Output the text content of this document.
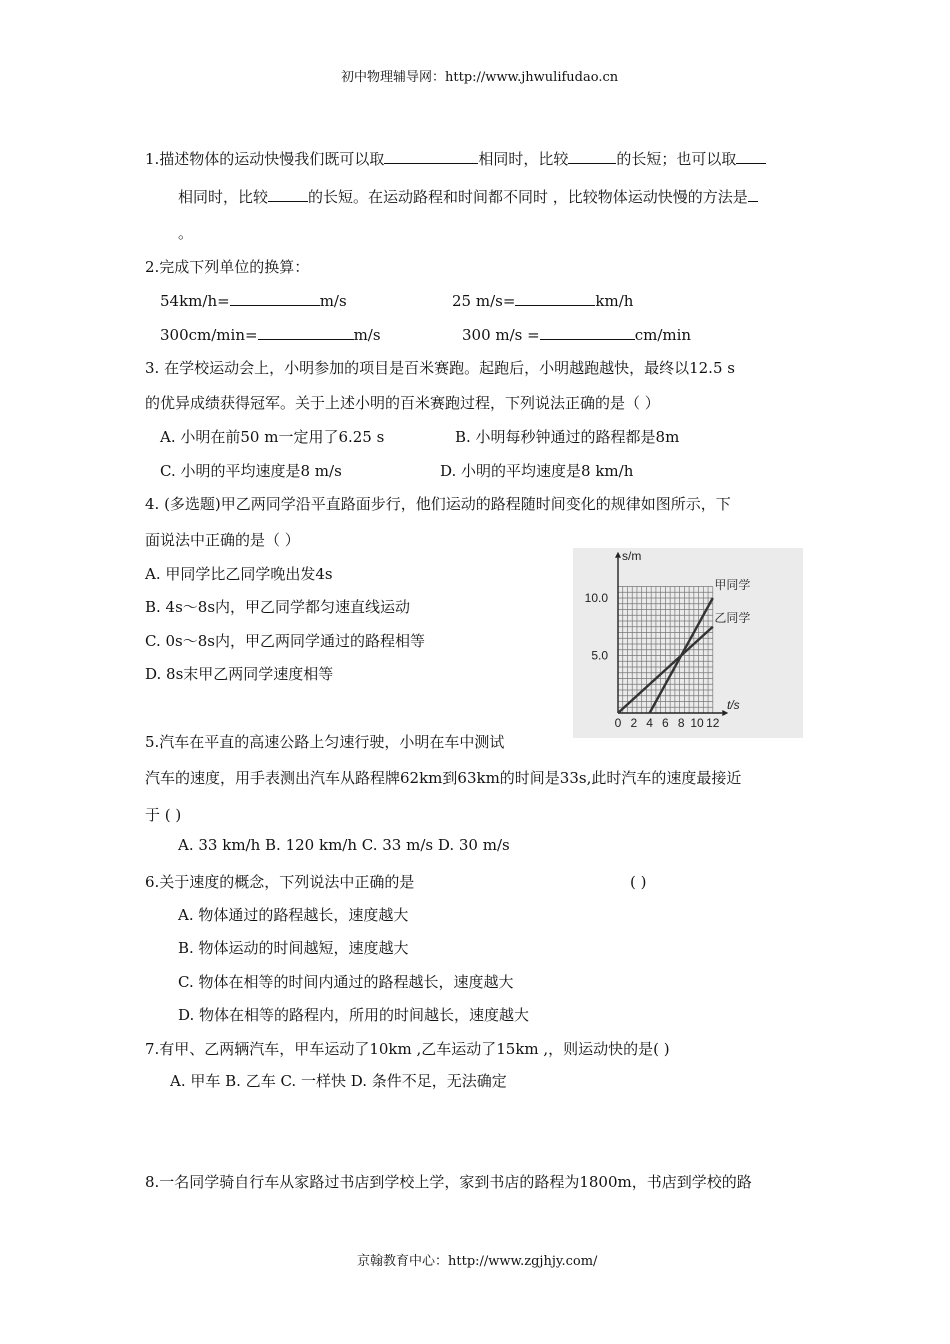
初中物理辅导网：http://www.jhwulifudao.cn
1.描述物体的运动快慢我们既可以取	相同时，比较	的长短；也可以取
相同时，比较	的长短。在运动路程和时间都不同时 ，比较物体运动快慢的方法是
。
2.完成下列单位的换算：
54km/h=	m/s	25 m/s=	km/h
300cm/min=	m/s	300 m/s =	cm/min
3. 在学校运动会上，小明参加的项目是百米赛跑。起跑后，小明越跑越快，最终以12.5 s
的优异成绩获得冠军。关于上述小明的百米赛跑过程，下列说法正确的是（ ）
A. 小明在前50 m一定用了6.25 s	B. 小明每秒钟通过的路程都是8m
C. 小明的平均速度是8 m/s	D. 小明的平均速度是8 km/h
4. (多选题)甲乙两同学沿平直路面步行，他们运动的路程随时间变化的规律如图所示，下
面说法中正确的是（ ）
A. 甲同学比乙同学晚出发4s
B. 4s～8s内，甲乙同学都匀速直线运动
C. 0s～8s内，甲乙两同学通过的路程相等
D. 8s末甲乙两同学速度相等
0 2 4 6 8 10 12
5.0
10.0
t/s
s/m
甲同学
乙同学
5.汽车在平直的高速公路上匀速行驶，小明在车中测试
汽车的速度，用手表测出汽车从路程牌62km到63km的时间是33s,此时汽车的速度最接近
于 ( )
A. 33 km/h B. 120 km/h C. 33 m/s D. 30 m/s
6.关于速度的概念，下列说法中正确的是	( )
A. 物体通过的路程越长，速度越大
B. 物体运动的时间越短，速度越大
C. 物体在相等的时间内通过的路程越长，速度越大
D. 物体在相等的路程内，所用的时间越长，速度越大
7.有甲、乙两辆汽车，甲车运动了10km ,乙车运动了15km ,，则运动快的是( )
A. 甲车 B. 乙车 C. 一样快 D. 条件不足，无法确定
8.一名同学骑自行车从家路过书店到学校上学，家到书店的路程为1800m，书店到学校的路
京翰教育中心：http://www.zgjhjy.com/
